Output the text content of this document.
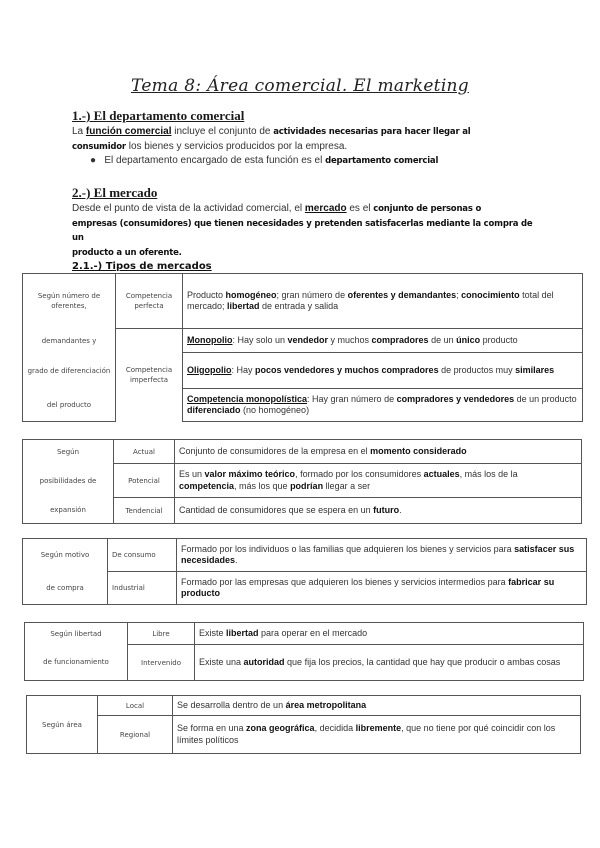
Tema 8: Área comercial. El marketing
1.-) El departamento comercial
La función comercial incluye el conjunto de actividades necesarias para hacer llegar al
consumidor los bienes y servicios producidos por la empresa.
● El departamento encargado de esta función es el departamento comercial
2.-) El mercado
Desde el punto de vista de la actividad comercial, el mercado es el conjunto de personas o
empresas (consumidores) que tienen necesidades y pretenden satisfacerlas mediante la compra de un
producto a un oferente.
2.1.-) Tipos de mercados
Según número de oferentes,	Competencia perfecta	Producto homogéneo; gran número de oferentes y demandantes; conocimiento total del mercado; libertad de entrada y salida
demandantes y	Competencia imperfecta	Monopolio: Hay solo un vendedor y muchos compradores de un único producto
grado de diferenciación		Oligopolio: Hay pocos vendedores y muchos compradores de productos muy similares
del producto		Competencia monopolística: Hay gran número de compradores y vendedores de un producto diferenciado (no homogéneo)
Según	Actual	Conjunto de consumidores de la empresa en el momento considerado
posibilidades de	Potencial	Es un valor máximo teórico, formado por los consumidores actuales, más los de la competencia, más los que podrían llegar a ser
expansión	Tendencial	Cantidad de consumidores que se espera en un futuro.
Según motivo	De consumo	Formado por los individuos o las familias que adquieren los bienes y servicios para satisfacer sus necesidades.
de compra	Industrial	Formado por las empresas que adquieren los bienes y servicios intermedios para fabricar su producto
Según libertad	Libre	Existe libertad para operar en el mercado
de funcionamiento	Intervenido	Existe una autoridad que fija los precios, la cantidad que hay que producir o ambas cosas
Según área	Local	Se desarrolla dentro de un área metropolitana
	Regional	Se forma en una zona geográfica, decidida libremente, que no tiene por qué coincidir con los límites políticos
